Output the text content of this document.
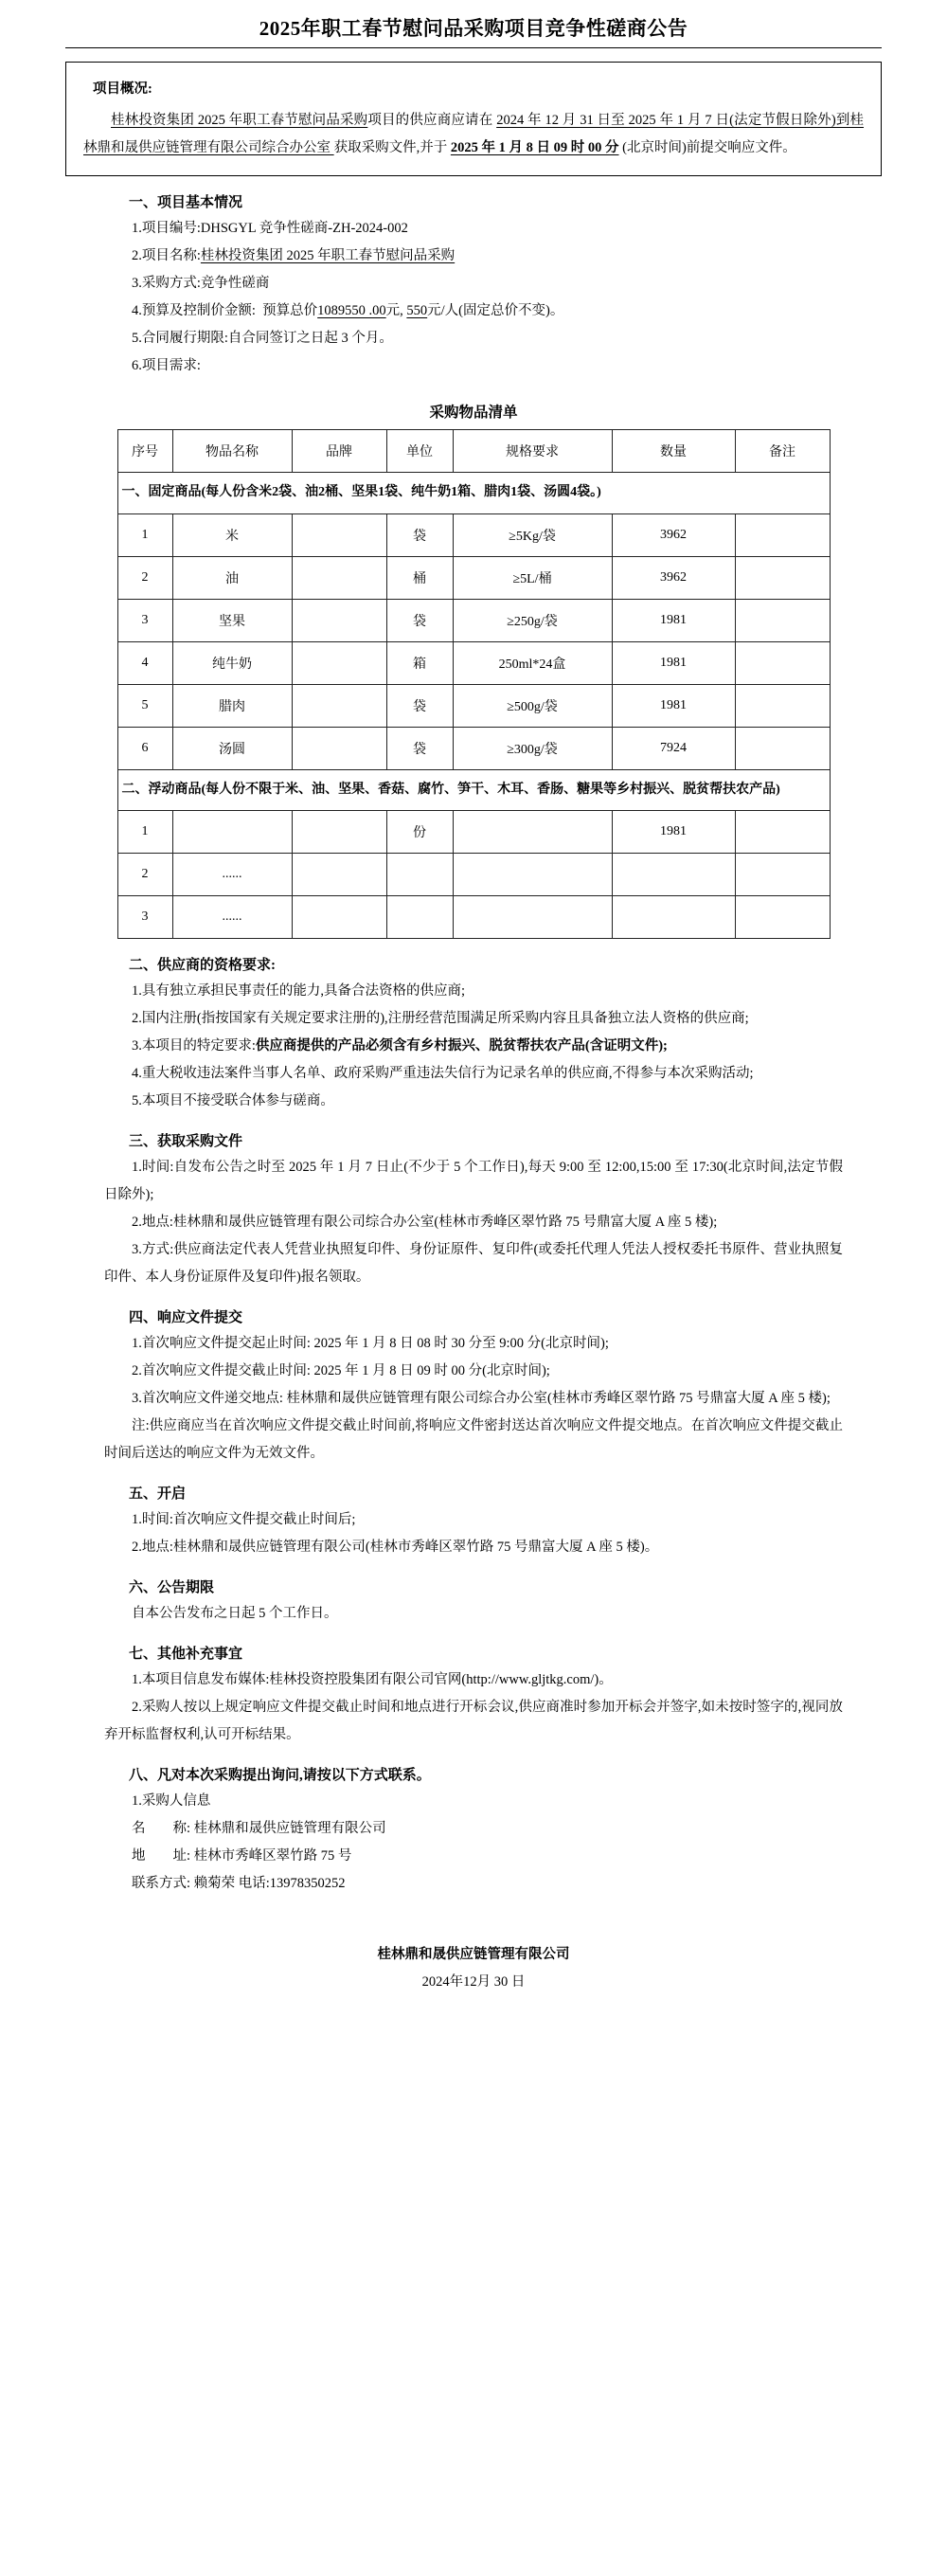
2025年职工春节慰问品采购项目竞争性磋商公告
项目概况:
桂林投资集团 2025 年职工春节慰问品采购项目的供应商应请在 2024 年 12 月 31 日至 2025 年 1 月 7 日(法定节假日除外)到桂林鼎和晟供应链管理有限公司综合办公室 获取采购文件,并于 2025 年 1 月 8 日 09 时 00 分 (北京时间)前提交响应文件。
一、项目基本情况

1.项目编号:DHSGYL 竞争性磋商-ZH-2024-002

2.项目名称:桂林投资集团 2025 年职工春节慰问品采购

3.采购方式:竞争性磋商

4.预算及控制价金额: 预算总价1089550 .00元, 550元/人(固定总价不变)。

5.合同履行期限:自合同签订之日起 3 个月。

6.项目需求:

采购物品清单
序号	物品名称	品牌	单位	规格要求	数量	备注
一、固定商品(每人份含米2袋、油2桶、坚果1袋、纯牛奶1箱、腊肉1袋、汤圆4袋。)						
1	米		袋	≥5Kg/袋	3962	
2	油		桶	≥5L/桶	3962	
3	坚果		袋	≥250g/袋	1981	
4	纯牛奶		箱	250ml*24盒	1981	
5	腊肉		袋	≥500g/袋	1981	
6	汤圆		袋	≥300g/袋	7924	
二、浮动商品(每人份不限于米、油、坚果、香菇、腐竹、笋干、木耳、香肠、糖果等乡村振兴、脱贫帮扶农产品)						
1			份		1981	
2	......					
3	......					
二、供应商的资格要求:

1.具有独立承担民事责任的能力,具备合法资格的供应商;

2.国内注册(指按国家有关规定要求注册的),注册经营范围满足所采购内容且具备独立法人资格的供应商;

3.本项目的特定要求:供应商提供的产品必须含有乡村振兴、脱贫帮扶农产品(含证明文件);

4.重大税收违法案件当事人名单、政府采购严重违法失信行为记录名单的供应商,不得参与本次采购活动;

5.本项目不接受联合体参与磋商。

三、获取采购文件

1.时间:自发布公告之时至 2025 年 1 月 7 日止(不少于 5 个工作日),每天 9:00 至 12:00,15:00 至 17:30(北京时间,法定节假日除外);

2.地点:桂林鼎和晟供应链管理有限公司综合办公室(桂林市秀峰区翠竹路 75 号鼎富大厦 A 座 5 楼);

3.方式:供应商法定代表人凭营业执照复印件、身份证原件、复印件(或委托代理人凭法人授权委托书原件、营业执照复印件、本人身份证原件及复印件)报名领取。

四、响应文件提交

1.首次响应文件提交起止时间: 2025 年 1 月 8 日 08 时 30 分至 9:00 分(北京时间);

2.首次响应文件提交截止时间: 2025 年 1 月 8 日 09 时 00 分(北京时间);

3.首次响应文件递交地点: 桂林鼎和晟供应链管理有限公司综合办公室(桂林市秀峰区翠竹路 75 号鼎富大厦 A 座 5 楼);

注:供应商应当在首次响应文件提交截止时间前,将响应文件密封送达首次响应文件提交地点。在首次响应文件提交截止时间后送达的响应文件为无效文件。

五、开启

1.时间:首次响应文件提交截止时间后;

2.地点:桂林鼎和晟供应链管理有限公司(桂林市秀峰区翠竹路 75 号鼎富大厦 A 座 5 楼)。

六、公告期限

自本公告发布之日起 5 个工作日。

七、其他补充事宜

1.本项目信息发布媒体:桂林投资控股集团有限公司官网(http://www.gljtkg.com/)。

2.采购人按以上规定响应文件提交截止时间和地点进行开标会议,供应商准时参加开标会并签字,如未按时签字的,视同放弃开标监督权利,认可开标结果。

八、凡对本次采购提出询问,请按以下方式联系。

1.采购人信息

名　　称: 桂林鼎和晟供应链管理有限公司

地　　址: 桂林市秀峰区翠竹路 75 号

联系方式: 赖菊荣 电话:13978350252

桂林鼎和晟供应链管理有限公司
2024年12月 30 日
